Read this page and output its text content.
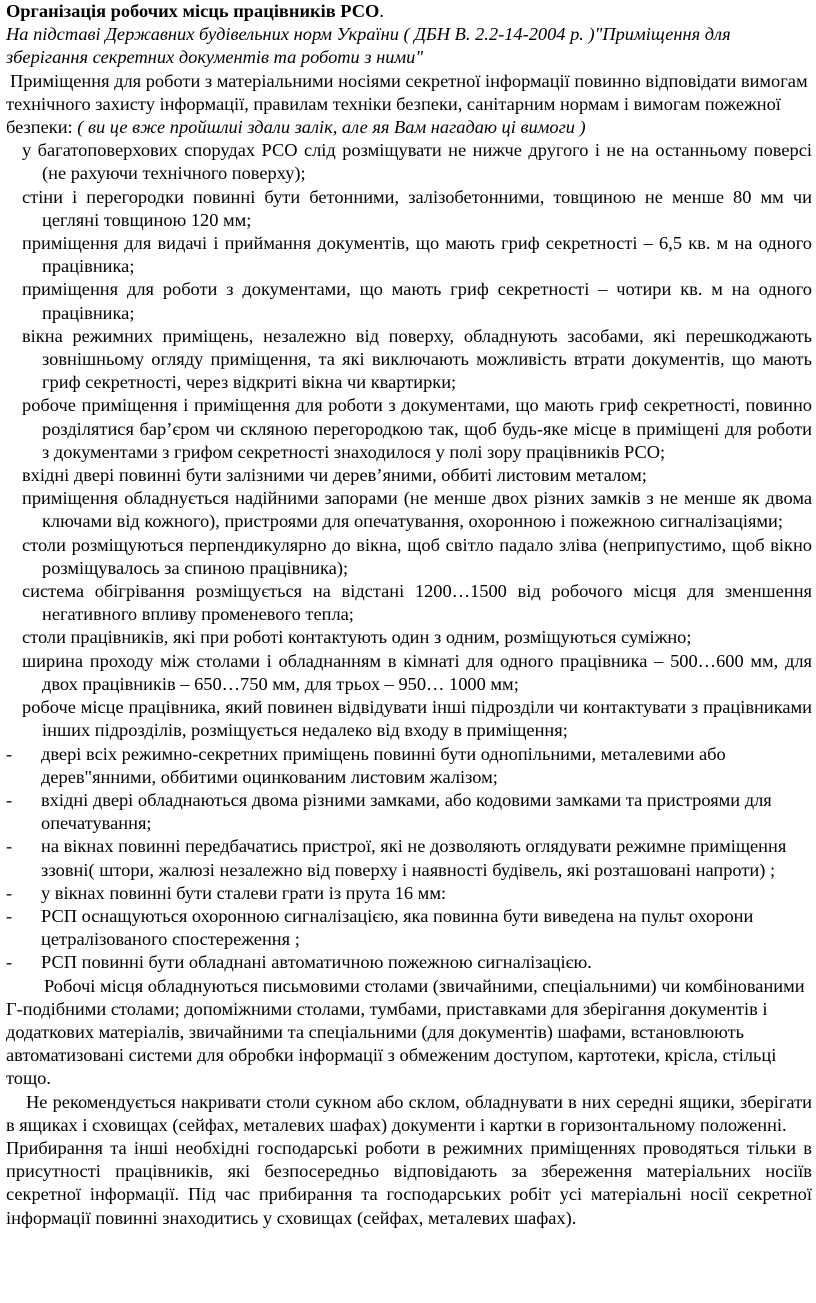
Організація робочих місць працівників РСО.

На підставі Державних будівельних норм України ( ДБН В. 2.2-14-2004 р. )"Приміщення для зберігання секретних документів та роботи з ними"

Приміщення для роботи з матеріальними носіями секретної інформації повинно відповідати вимогам технічного захисту інформації, правилам техніки безпеки, санітарним нормам і вимогам пожежної безпеки: ( ви це вже пройшлиі здали залік, але яя Вам нагадаю ці вимоги )

у багатоповерхових спорудах РСО слід розміщувати не нижче другого і не на останньому поверсі (не рахуючи технічного поверху);
стіни і перегородки повинні бути бетонними, залізобетонними, товщиною не менше 80 мм чи цегляні товщиною 120 мм;
приміщення для видачі і приймання документів, що мають гриф секретності – 6,5 кв. м на одного працівника;
приміщення для роботи з документами, що мають гриф секретності – чотири кв. м на одного працівника;
вікна режимних приміщень, незалежно від поверху, обладнують засобами, які перешкоджають зовнішньому огляду приміщення, та які виключають можливість втрати документів, що мають гриф секретності, через відкриті вікна чи квартирки;
робоче приміщення і приміщення для роботи з документами, що мають гриф секретності, повинно розділятися бар’єром чи скляною перегородкою так, щоб будь-яке місце в приміщені для роботи з документами з грифом секретності знаходилося у полі зору працівників РСО;
вхідні двері повинні бути залізними чи дерев’яними, оббиті листовим металом;
приміщення обладнується надійними запорами (не менше двох різних замків з не менше як двома ключами від кожного), пристроями для опечатування, охоронною і пожежною сигналізаціями;
столи розміщуються перпендикулярно до вікна, щоб світло падало зліва (неприпустимо, щоб вікно розміщувалось за спиною працівника);
система обігрівання розміщується на відстані 1200…1500 від робочого місця для зменшення негативного впливу променевого тепла;
столи працівників, які при роботі контактують один з одним, розміщуються суміжно;
ширина проходу між столами і обладнанням в кімнаті для одного працівника – 500…600 мм, для двох працівників – 650…750 мм, для трьох – 950… 1000 мм;
робоче місце працівника, який повинен відвідувати інші підрозділи чи контактувати з працівниками інших підрозділів, розміщується недалеко від входу в приміщення;
- двері всіх режимно-секретних приміщень повинні бути однопільними, металевими або дерев"янними, оббитими оцинкованим листовим жалізом;
- вхідні двері обладнаються двома різними замками, або кодовими замками та пристроями для опечатування;
- на вікнах повинні передбачатись пристрої, які не дозволяють оглядувати режимне приміщення ззовні( штори, жалюзі незалежно від поверху і наявності будівель, які розташовані напроти) ;
- у вікнах повинні бути сталеви грати із прута 16 мм:
- РСП оснащуються охоронною сигналізацією, яка повинна бути виведена на пульт охорони цетралізованого спостереження ;
- РСП повинні бути обладнані автоматичною пожежною сигналізацією.

Робочі місця обладнуються письмовими столами (звичайними, спеціальними) чи комбінованими Г-подібними столами; допоміжними столами, тумбами, приставками для зберігання документів і додаткових матеріалів, звичайними та спеціальними (для документів) шафами, встановлюють автоматизовані системи для обробки інформації з обмеженим доступом, картотеки, крісла, стільці тощо.

Не рекомендується накривати столи сукном або склом, обладнувати в них середні ящики, зберігати в ящиках і сховищах (сейфах, металевих шафах) документи і картки в горизонтальному положенні.

Прибирання та інші необхідні господарські роботи в режимних приміщеннях проводяться тільки в присутності працівників, які безпосередньо відповідають за збереження матеріальних носіїв секретної інформації. Під час прибирання та господарських робіт усі матеріальні носії секретної інформації повинні знаходитись у сховищах (сейфах, металевих шафах).
